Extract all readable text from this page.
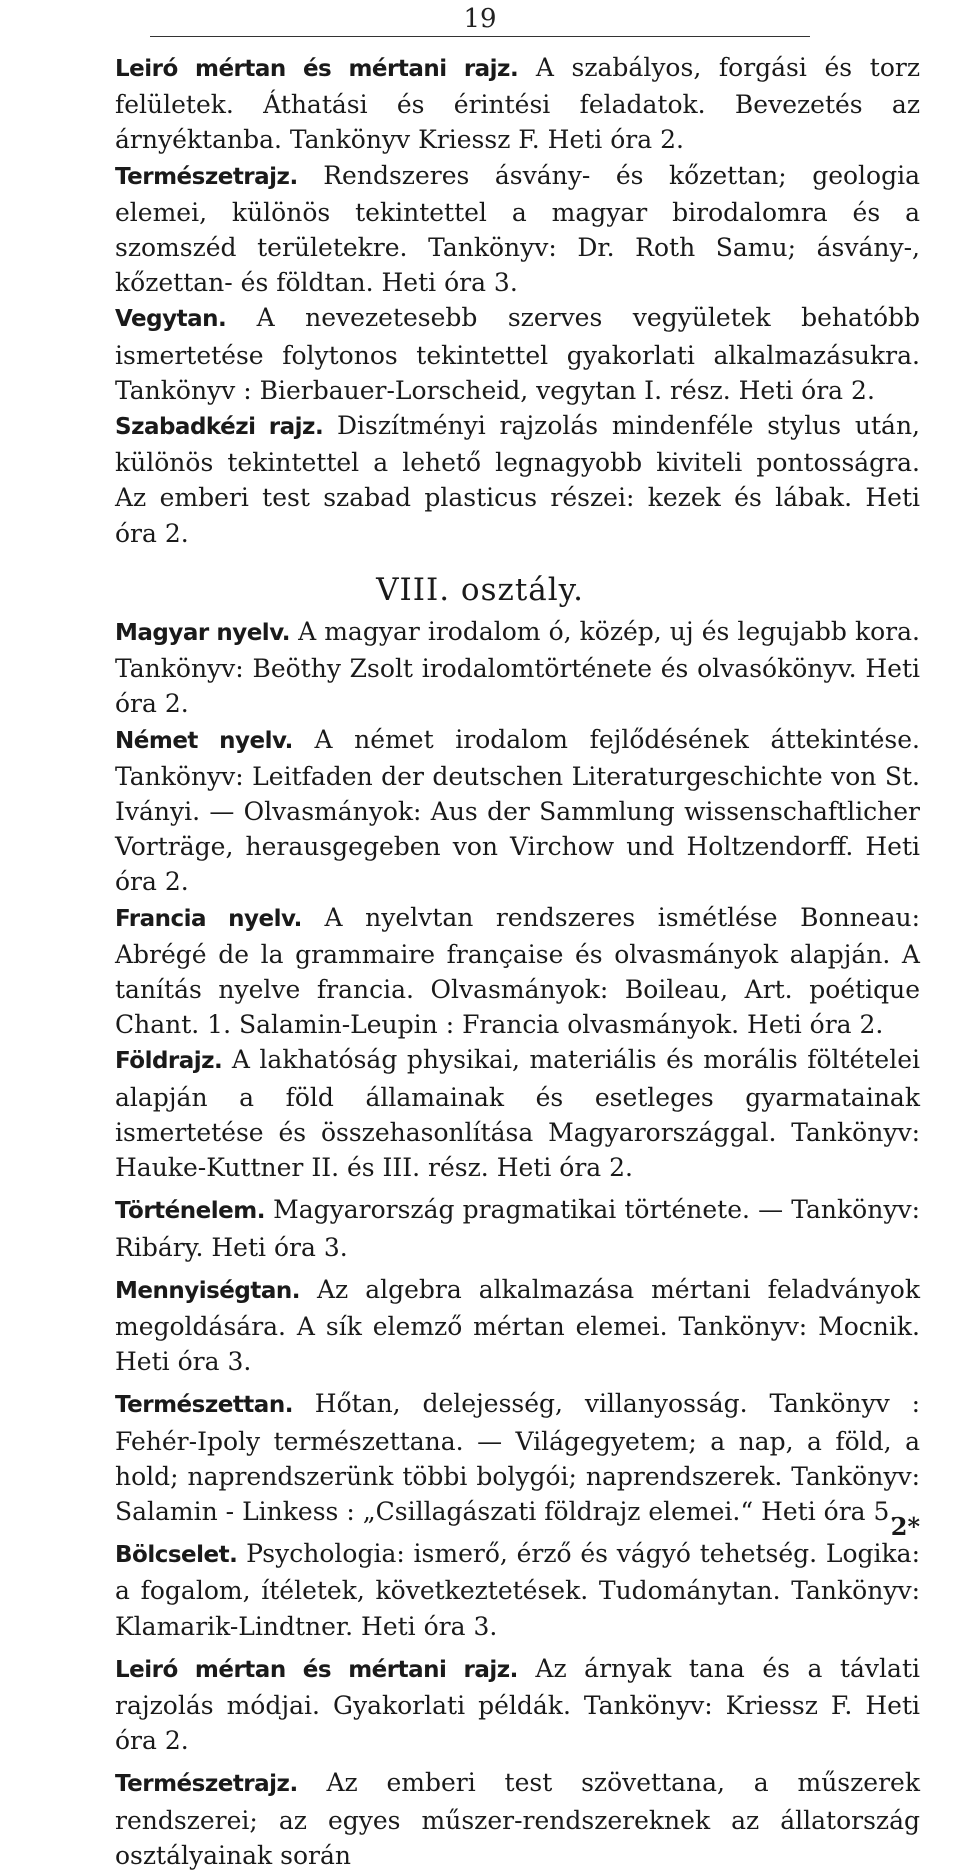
19

Leiró mértan és mértani rajz. A szabályos, forgási és torz felületek. Áthatási és érintési feladatok. Bevezetés az árnyéktanba. Tankönyv Kriessz F. Heti óra 2.

Természetrajz. Rendszeres ásvány- és kőzettan; geologia elemei, különös tekintettel a magyar birodalomra és a szomszéd területekre. Tankönyv: Dr. Roth Samu; ásvány-, kőzettan- és földtan. Heti óra 3.

Vegytan. A nevezetesebb szerves vegyületek behatóbb ismertetése folytonos tekintettel gyakorlati alkalmazásukra. Tankönyv : Bierbauer-Lorscheid, vegytan I. rész. Heti óra 2.

Szabadkézi rajz. Diszítményi rajzolás mindenféle stylus után, különös tekintettel a lehető legnagyobb kiviteli pontosságra. Az emberi test szabad plasticus részei: kezek és lábak. Heti óra 2.

VIII. osztály.

Magyar nyelv. A magyar irodalom ó, közép, uj és legujabb kora. Tankönyv: Beöthy Zsolt irodalomtörténete és olvasókönyv. Heti óra 2.

Német nyelv. A német irodalom fejlődésének áttekintése. Tankönyv: Leitfaden der deutschen Literaturgeschichte von St. Iványi. — Olvasmányok: Aus der Sammlung wissenschaftlicher Vorträge, herausgegeben von Virchow und Holtzendorff. Heti óra 2.

Francia nyelv. A nyelvtan rendszeres ismétlése Bonneau: Abrégé de la grammaire française és olvasmányok alapján. A tanítás nyelve francia. Olvasmányok: Boileau, Art. poétique Chant. 1. Salamin-Leupin : Francia olvasmányok. Heti óra 2.

Földrajz. A lakhatóság physikai, materiális és morális föltételei alapján a föld államainak és esetleges gyarmatainak ismertetése és összehasonlítása Magyarországgal. Tankönyv: Hauke-Kuttner II. és III. rész. Heti óra 2.

Történelem. Magyarország pragmatikai története. — Tankönyv: Ribáry. Heti óra 3.

Mennyiségtan. Az algebra alkalmazása mértani feladványok megoldására. A sík elemző mértan elemei. Tankönyv: Mocnik. Heti óra 3.

Természettan. Hőtan, delejesség, villanyosság. Tankönyv : Fehér-Ipoly természettana. — Világegyetem; a nap, a föld, a hold; naprendszerünk többi bolygói; naprendszerek. Tankönyv: Salamin - Linkess : „Csillagászati földrajz elemei.“ Heti óra 5.

Bölcselet. Psychologia: ismerő, érző és vágyó tehetség. Logika: a fogalom, ítéletek, következtetések. Tudománytan. Tankönyv: Klamarik-Lindtner. Heti óra 3.

Leiró mértan és mértani rajz. Az árnyak tana és a távlati rajzolás módjai. Gyakorlati példák. Tankönyv: Kriessz F. Heti óra 2.

Természetrajz. Az emberi test szövettana, a műszerek rendszerei; az egyes műszer-rendszereknek az állatország osztályainak során

2*
